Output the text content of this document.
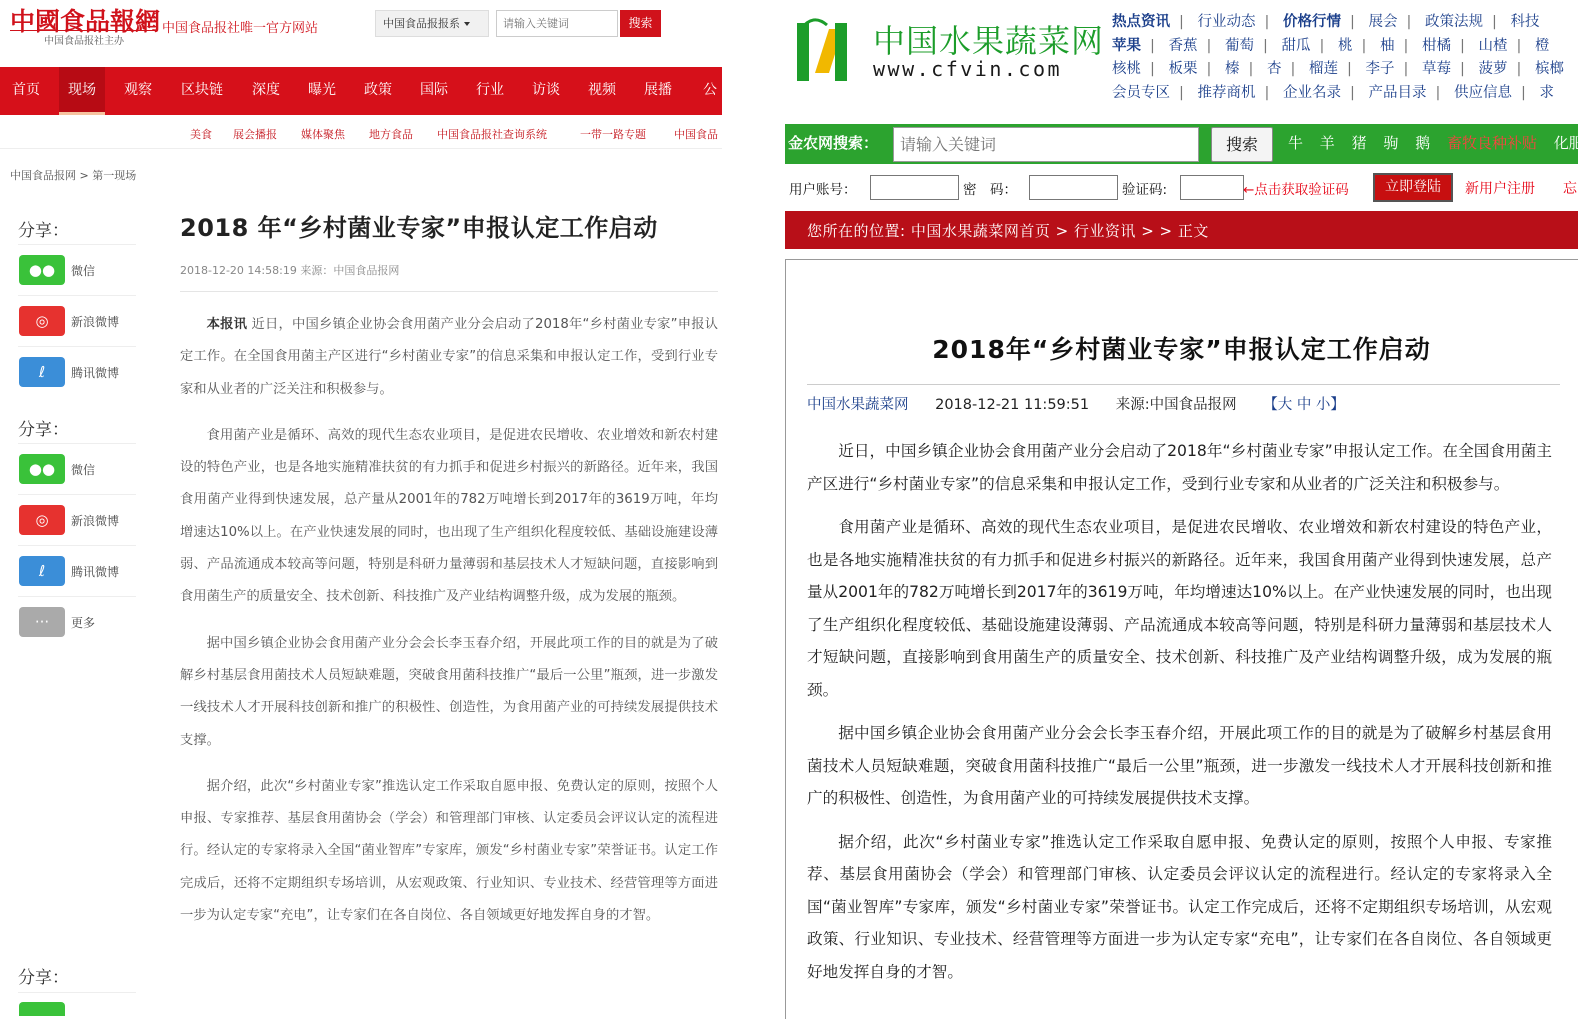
中國食品報網
中国食品报社主办
中国食品报社唯一官方网站	中国食品报报系
请输入关键词	搜索
首页	现场	观察	区块链	深度	曝光	政策	国际	行业	访谈	视频	展播	公
美食 展会播报 媒体聚焦 地方食品 中国食品报社查询系统	一带一路专题	中国食品
中国食品报网 > 第一现场
分享：
●●	微信
◎	新浪微博
ℓ	腾讯微博
分享：
●●	微信
◎	新浪微博
ℓ	腾讯微博
···	更多
分享：
2018 年“乡村菌业专家”申报认定工作启动
2018-12-20 14:58:19 来源：中国食品报网

本报讯 近日，中国乡镇企业协会食用菌产业分会启动了2018年“乡村菌业专家”申报认定工作。在全国食用菌主产区进行“乡村菌业专家”的信息采集和申报认定工作，受到行业专家和从业者的广泛关注和积极参与。

食用菌产业是循环、高效的现代生态农业项目，是促进农民增收、农业增效和新农村建设的特色产业，也是各地实施精准扶贫的有力抓手和促进乡村振兴的新路径。近年来，我国食用菌产业得到快速发展，总产量从2001年的782万吨增长到2017年的3619万吨，年均增速达10%以上。在产业快速发展的同时，也出现了生产组织化程度较低、基础设施建设薄弱、产品流通成本较高等问题，特别是科研力量薄弱和基层技术人才短缺问题，直接影响到食用菌生产的质量安全、技术创新、科技推广及产业结构调整升级，成为发展的瓶颈。

据中国乡镇企业协会食用菌产业分会会长李玉春介绍，开展此项工作的目的就是为了破解乡村基层食用菌技术人员短缺难题，突破食用菌科技推广“最后一公里”瓶颈，进一步激发一线技术人才开展科技创新和推广的积极性、创造性，为食用菌产业的可持续发展提供技术支撑。

据介绍，此次“乡村菌业专家”推选认定工作采取自愿申报、免费认定的原则，按照个人申报、专家推荐、基层食用菌协会（学会）和管理部门审核、认定委员会评议认定的流程进行。经认定的专家将录入全国“菌业智库”专家库，颁发“乡村菌业专家”荣誉证书。认定工作完成后，还将不定期组织专场培训，从宏观政策、行业知识、专业技术、经营管理等方面进一步为认定专家“充电”，让专家们在各自岗位、各自领域更好地发挥自身的才智。

中国水果蔬菜网
www.cfvin.com
热点资讯 | 行业动态 | 价格行情 | 展会 | 政策法规 | 科技
苹果 | 香蕉 | 葡萄 | 甜瓜 | 桃 | 柚 | 柑橘 | 山楂 | 橙
核桃 | 板栗 | 榛 | 杏 | 榴莲 | 李子 | 草莓 | 菠萝 | 槟榔
会员专区 | 推荐商机 | 企业名录 | 产品目录 | 供应信息 | 求
金农网搜索：
请输入关键词	搜索	牛 羊 猪 驹 鹅 畜牧良种补贴 化肥
用户账号：	密　码：	验证码:	←点击获取验证码	立即登陆	新用户注册 忘
您所在的位置: 中国水果蔬菜网首页 > 行业资讯 > > 正文
2018年“乡村菌业专家”申报认定工作启动
中国水果蔬菜网 2018-12-21 11:59:51 来源:中国食品报网 【大 中 小】

近日，中国乡镇企业协会食用菌产业分会启动了2018年“乡村菌业专家”申报认定工作。在全国食用菌主产区进行“乡村菌业专家”的信息采集和申报认定工作，受到行业专家和从业者的广泛关注和积极参与。

食用菌产业是循环、高效的现代生态农业项目，是促进农民增收、农业增效和新农村建设的特色产业，也是各地实施精准扶贫的有力抓手和促进乡村振兴的新路径。近年来，我国食用菌产业得到快速发展，总产量从2001年的782万吨增长到2017年的3619万吨，年均增速达10%以上。在产业快速发展的同时，也出现了生产组织化程度较低、基础设施建设薄弱、产品流通成本较高等问题，特别是科研力量薄弱和基层技术人才短缺问题，直接影响到食用菌生产的质量安全、技术创新、科技推广及产业结构调整升级，成为发展的瓶颈。

据中国乡镇企业协会食用菌产业分会会长李玉春介绍，开展此项工作的目的就是为了破解乡村基层食用菌技术人员短缺难题，突破食用菌科技推广“最后一公里”瓶颈，进一步激发一线技术人才开展科技创新和推广的积极性、创造性，为食用菌产业的可持续发展提供技术支撑。

据介绍，此次“乡村菌业专家”推选认定工作采取自愿申报、免费认定的原则，按照个人申报、专家推荐、基层食用菌协会（学会）和管理部门审核、认定委员会评议认定的流程进行。经认定的专家将录入全国“菌业智库”专家库，颁发“乡村菌业专家”荣誉证书。认定工作完成后，还将不定期组织专场培训，从宏观政策、行业知识、专业技术、经营管理等方面进一步为认定专家“充电”，让专家们在各自岗位、各自领域更好地发挥自身的才智。
